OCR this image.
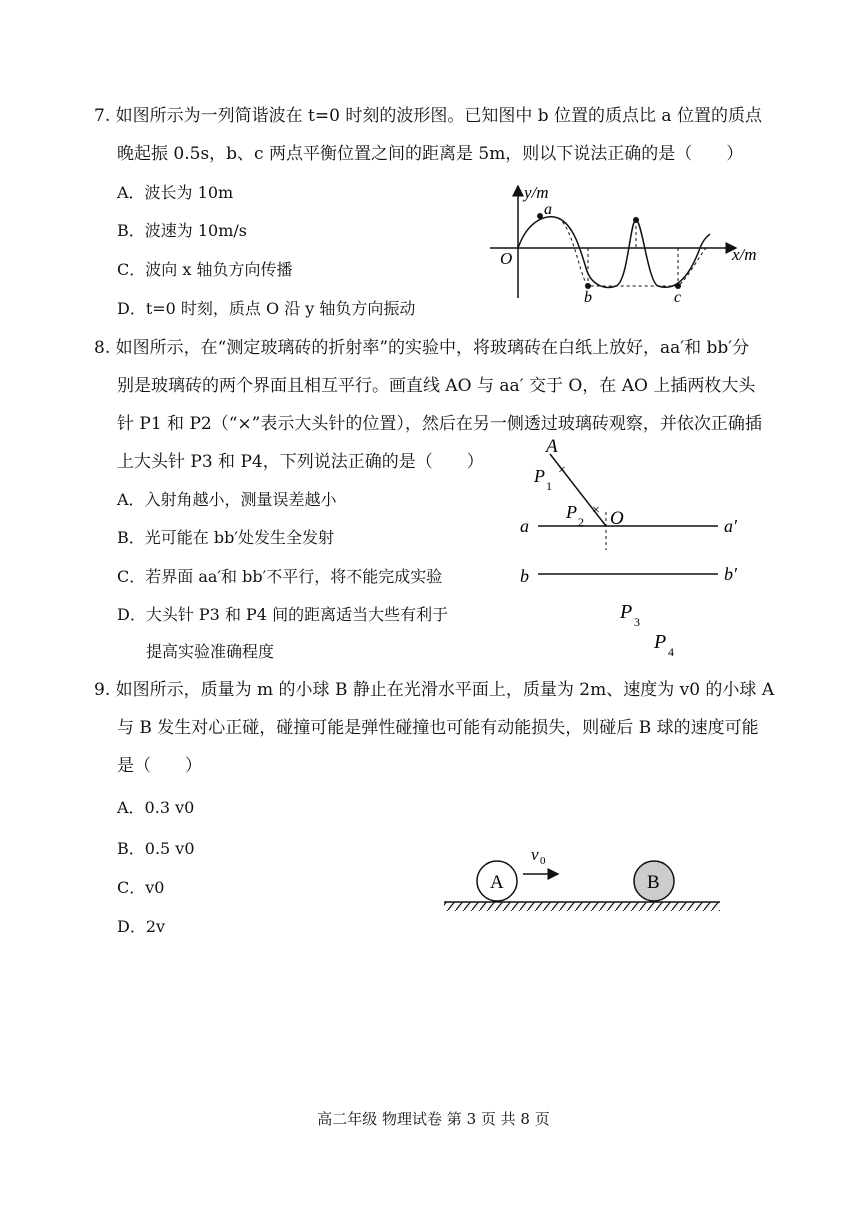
7. 如图所示为一列简谐波在 t=0 时刻的波形图。已知图中 b 位置的质点比 a 位置的质点
晚起振 0.5s，b、c 两点平衡位置之间的距离是 5m，则以下说法正确的是（　　）
A．波长为 10m
B．波速为 10m/s
C．波向 x 轴负方向传播
D．t=0 时刻，质点 O 沿 y 轴负方向振动
y/m
x/m
O
a
b	c
8. 如图所示，在“测定玻璃砖的折射率”的实验中，将玻璃砖在白纸上放好，aa′和 bb′分
别是玻璃砖的两个界面且相互平行。画直线 AO 与 aa′ 交于 O，在 AO 上插两枚大头
针 P1 和 P2（“×”表示大头针的位置），然后在另一侧透过玻璃砖观察，并依次正确插
上大头针 P3 和 P4，下列说法正确的是（　　）
A．入射角越小，测量误差越小
B．光可能在 bb′处发生全发射
C．若界面 aa′和 bb′不平行，将不能完成实验
D．大头针 P3 和 P4 间的距离适当大些有利于
提高实验准确程度
×
×
A
P 1
P 2 O
a	a′
b	b′
P 3
P 4
9. 如图所示，质量为 m 的小球 B 静止在光滑水平面上，质量为 2m、速度为 v0 的小球 A
与 B 发生对心正碰，碰撞可能是弹性碰撞也可能有动能损失，则碰后 B 球的速度可能
是（　　）
A．0.3 v0
B．0.5 v0
C．v0
D．2v
A	B
v 0
高二年级 物理试卷 第 3 页 共 8 页
